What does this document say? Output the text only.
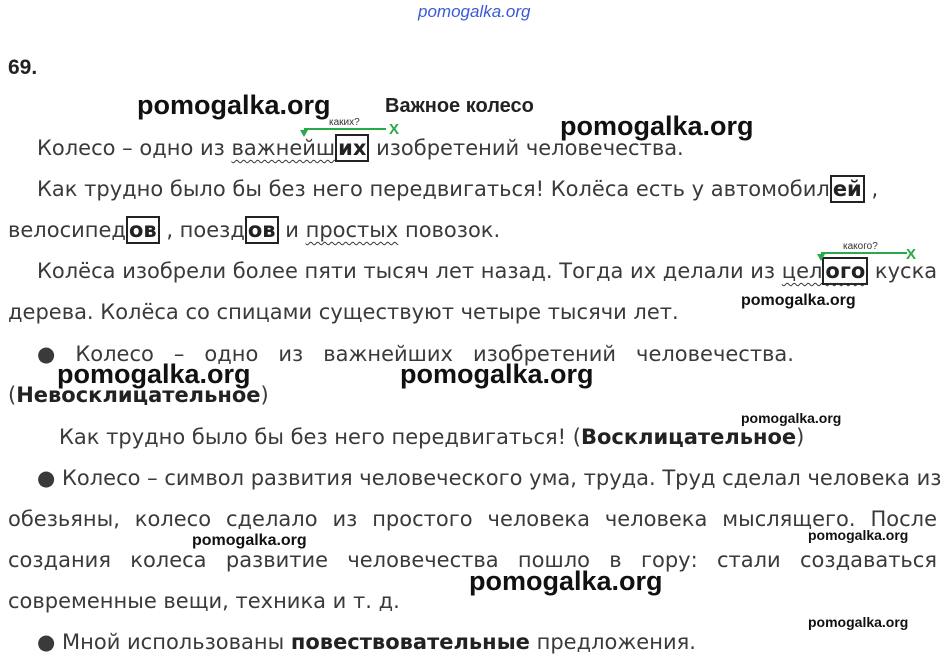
pomogalka.org
69.
Важное колесо
Колесо – одно из важнейш их изобретений человечества.
каких? X
Как трудно было бы без него передвигаться! Колёса есть у автомобил ей ,
велосипед ов , поезд ов и простых повозок.
Колёса изобрели более пяти тысяч лет назад. Тогда их делали из цел ого куска
дерева. Колёса со спицами существуют четыре тысячи лет.
какого? X
●   Колесо   –   одно   из   важнейших   изобретений   человечества.
(Невосклицательное)
Как трудно было бы без него передвигаться! (Восклицательное)
● Колесо – символ развития человеческого ума, труда. Труд сделал человека из
обезьяны, колесо сделало из простого человека человека мыслящего. После
создания колеса развитие человечества пошло в гору: стали создаваться
современные вещи, техника и т. д.
● Мной использованы повествовательные предложения.
pomogalka.org
pomogalka.org
pomogalka.org
pomogalka.org	pomogalka.org
pomogalka.org
pomogalka.org	pomogalka.org
pomogalka.org
pomogalka.org
